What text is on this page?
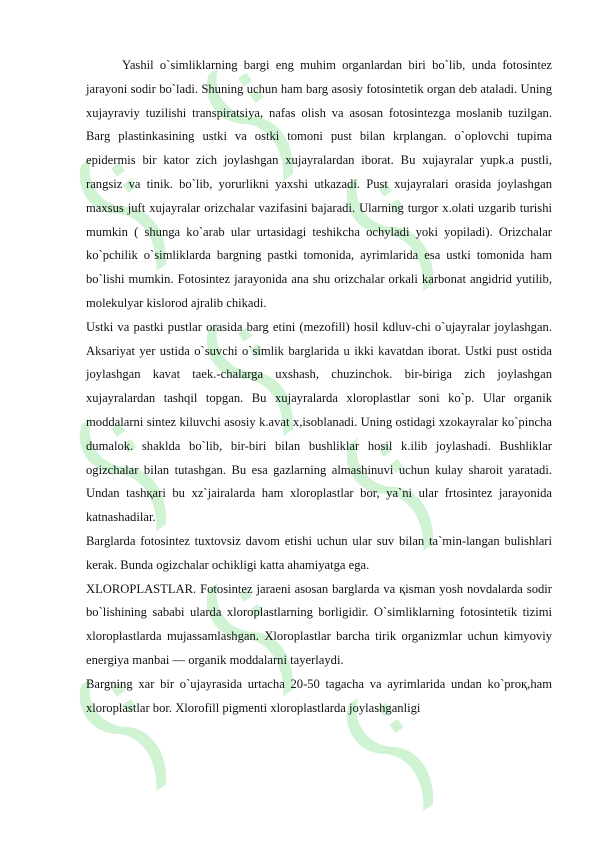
Yashil o`simliklarning bargi eng muhim organlardan biri bo`lib, unda fotosintez jarayoni sodir bo`ladi. Shuning uchun ham barg asosiy fotosintetik organ deb ataladi. Uning xujayraviy tuzilishi transpiratsiya, nafas olish va asosan fotosintezga moslanib tuzilgan. Barg plastinkasining ustki va ostki tomoni pust bilan krplangan. o`oplovchi tupima epidermis bir kator zich joylashgan xujayralardan iborat. Bu xujayralar yupk.a pustli, rangsiz va tinik. bo`lib, yorurlikni yaxshi utkazadi. Pust xujayralari orasida joylashgan maxsus juft xujayralar orizchalar vazifasini bajaradi. Ularning turgor x.olati uzgarib turishi mumkin ( shunga ko`arab ular urtasidagi teshikcha ochyladi yoki yopiladi). Orizchalar ko`pchilik o`simliklarda bargning pastki tomonida, ayrimlarida esa ustki tomonida ham bo`lishi mumkin. Fotosintez jarayonida ana shu orizchalar orkali karbonat angidrid yutilib, molekulyar kislorod ajralib chikadi.

Ustki va pastki pustlar orasida barg etini (mezofill) hosil kdluv-chi o`ujayralar joylashgan. Aksariyat yer ustida o`suvchi o`simlik barglarida u ikki kavatdan iborat. Ustki pust ostida joylashgan kavat taek.-chalarga uxshash, chuzinchok. bir-biriga zich joylashgan xujayralardan tashqil topgan. Bu xujayralarda xloroplastlar soni ko`p. Ular organik moddalarni sintez kiluvchi asosiy k.avat x,isoblanadi. Uning ostidagi xzokayralar ko`pincha dumalok. shaklda bo`lib, bir-biri bilan bushliklar hosil k.ilib joylashadi. Bushliklar ogizchalar bilan tutashgan. Bu esa gazlarning almashinuvi uchun kulay sharoit yaratadi. Undan tashқari bu xz`jairalarda ham xloroplastlar bor, ya`ni ular frtosintez jarayonida katnashadilar.

Barglarda fotosintez tuxtovsiz davom etishi uchun ular suv bilan ta`min-langan bulishlari kerak. Bunda ogizchalar ochikligi katta ahamiyatga ega.

XLOROPLASTLAR. Fotosintez jaraeni asosan barglarda va қisman yosh novdalarda sodir bo`lishining sababi ularda xloroplastlarning borligidir. O`simliklarning fotosintetik tizimi xloroplastlarda mujassamlashgan. Xloroplastlar barcha tirik organizmlar uchun kimyoviy energiya manbai — organik moddalarni tayerlaydi.

Bargning xar bir o`ujayrasida urtacha 20-50 tagacha va ayrimlarida undan ko`proқ,ham xloroplastlar bor. Xlorofill pigmenti xloroplastlarda joylashganligi
